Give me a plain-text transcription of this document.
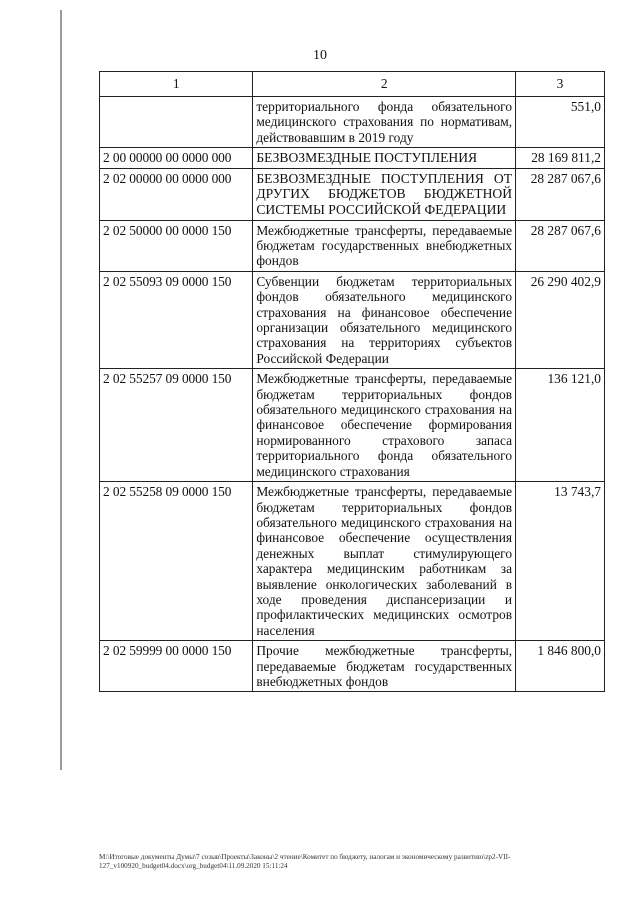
10
1	2	3
	территориального фонда обязательного медицинского страхования по нормативам, действовавшим в 2019 году	551,0
2 00 00000 00 0000 000	БЕЗВОЗМЕЗДНЫЕ ПОСТУПЛЕНИЯ	28 169 811,2
2 02 00000 00 0000 000	БЕЗВОЗМЕЗДНЫЕ ПОСТУПЛЕНИЯ ОТ ДРУГИХ БЮДЖЕТОВ БЮДЖЕТНОЙ СИСТЕМЫ РОССИЙСКОЙ ФЕДЕРАЦИИ	28 287 067,6
2 02 50000 00 0000 150	Межбюджетные трансферты, передаваемые бюджетам государственных внебюджетных фондов	28 287 067,6
2 02 55093 09 0000 150	Субвенции бюджетам территориальных фондов обязательного медицинского страхования на финансовое обеспечение организации обязательного медицинского страхования на территориях субъектов Российской Федерации	26 290 402,9
2 02 55257 09 0000 150	Межбюджетные трансферты, передаваемые бюджетам территориальных фондов обязательного медицинского страхования на финансовое обеспечение формирования нормированного страхового запаса территориального фонда обязательного медицинского страхования	136 121,0
2 02 55258 09 0000 150	Межбюджетные трансферты, передаваемые бюджетам территориальных фондов обязательного медицинского страхования на финансовое обеспечение осуществления денежных выплат стимулирующего характера медицинским работникам за выявление онкологических заболеваний в ходе проведения диспансеризации и профилактических медицинских осмотров населения	13 743,7
2 02 59999 00 0000 150	Прочие межбюджетные трансферты, передаваемые бюджетам государственных внебюджетных фондов	1 846 800,0
M:\Итоговые документы Думы\7 созыв\Проекты\Законы\2 чтение\Комитет по бюджету, налогам и экономическому развитию\zp2-VII-
127_v100920_budget04.docx\org_budget04\11.09.2020 15:11:24
